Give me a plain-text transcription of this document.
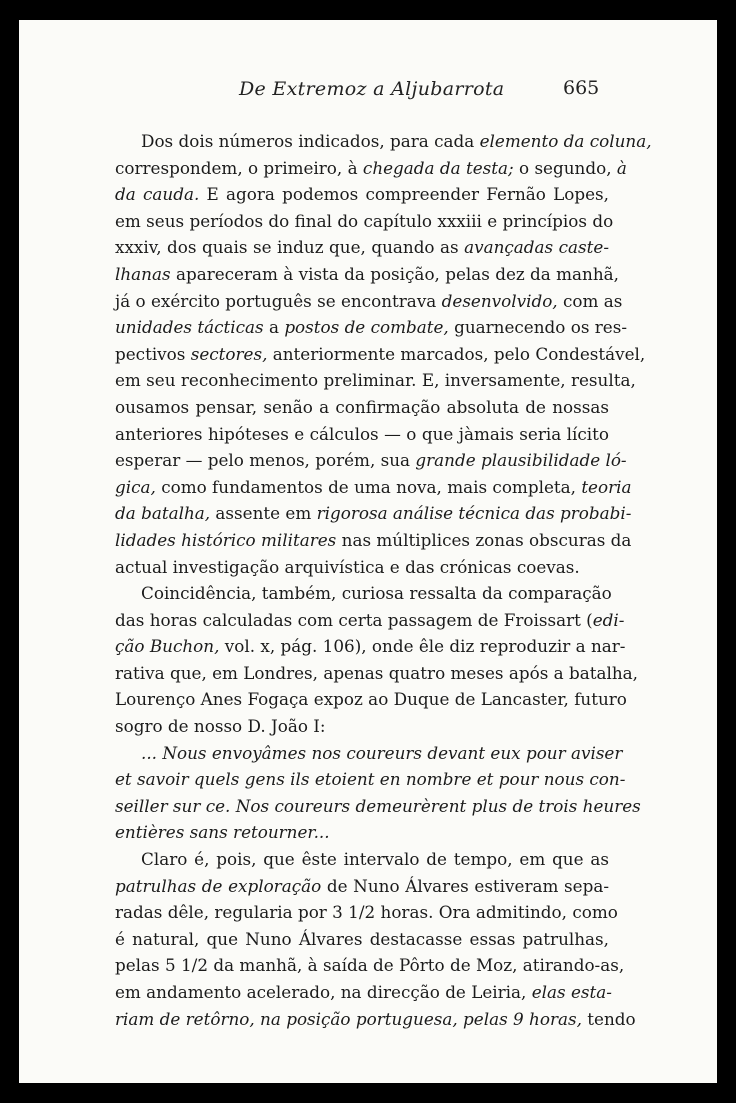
De Extremoz a Aljubarrota	665
Dos dois números indicados, para cada elemento da coluna,
correspondem, o primeiro, à chegada da testa; o segundo, à
da cauda. E agora podemos compreender Fernão Lopes,
em seus períodos do final do capítulo xxxiii e princípios do
xxxiv, dos quais se induz que, quando as avançadas caste-
lhanas apareceram à vista da posição, pelas dez da manhã,
já o exército português se encontrava desenvolvido, com as
unidades tácticas a postos de combate, guarnecendo os res-
pectivos sectores, anteriormente marcados, pelo Condestável,
em seu reconhecimento preliminar. E, inversamente, resulta,
ousamos pensar, senão a confirmação absoluta de nossas
anteriores hipóteses e cálculos — o que jàmais seria lícito
esperar — pelo menos, porém, sua grande plausibilidade ló-
gica, como fundamentos de uma nova, mais completa, teoria
da batalha, assente em rigorosa análise técnica das probabi-
lidades histórico militares nas múltiplices zonas obscuras da
actual investigação arquivística e das crónicas coevas.
Coincidência, também, curiosa ressalta da comparação
das horas calculadas com certa passagem de Froissart (edi-
ção Buchon, vol. x, pág. 106), onde êle diz reproduzir a nar-
rativa que, em Londres, apenas quatro meses após a batalha,
Lourenço Anes Fogaça expoz ao Duque de Lancaster, futuro
sogro de nosso D. João I:
... Nous envoyâmes nos coureurs devant eux pour aviser
et savoir quels gens ils etoient en nombre et pour nous con-
seiller sur ce. Nos coureurs demeurèrent plus de trois heures
entières sans retourner...
Claro é, pois, que êste intervalo de tempo, em que as
patrulhas de exploração de Nuno Álvares estiveram sepa-
radas dêle, regularia por 3 1/2 horas. Ora admitindo, como
é natural, que Nuno Álvares destacasse essas patrulhas,
pelas 5 1/2 da manhã, à saída de Pôrto de Moz, atirando-as,
em andamento acelerado, na direcção de Leiria, elas esta-
riam de retôrno, na posição portuguesa, pelas 9 horas, tendo
